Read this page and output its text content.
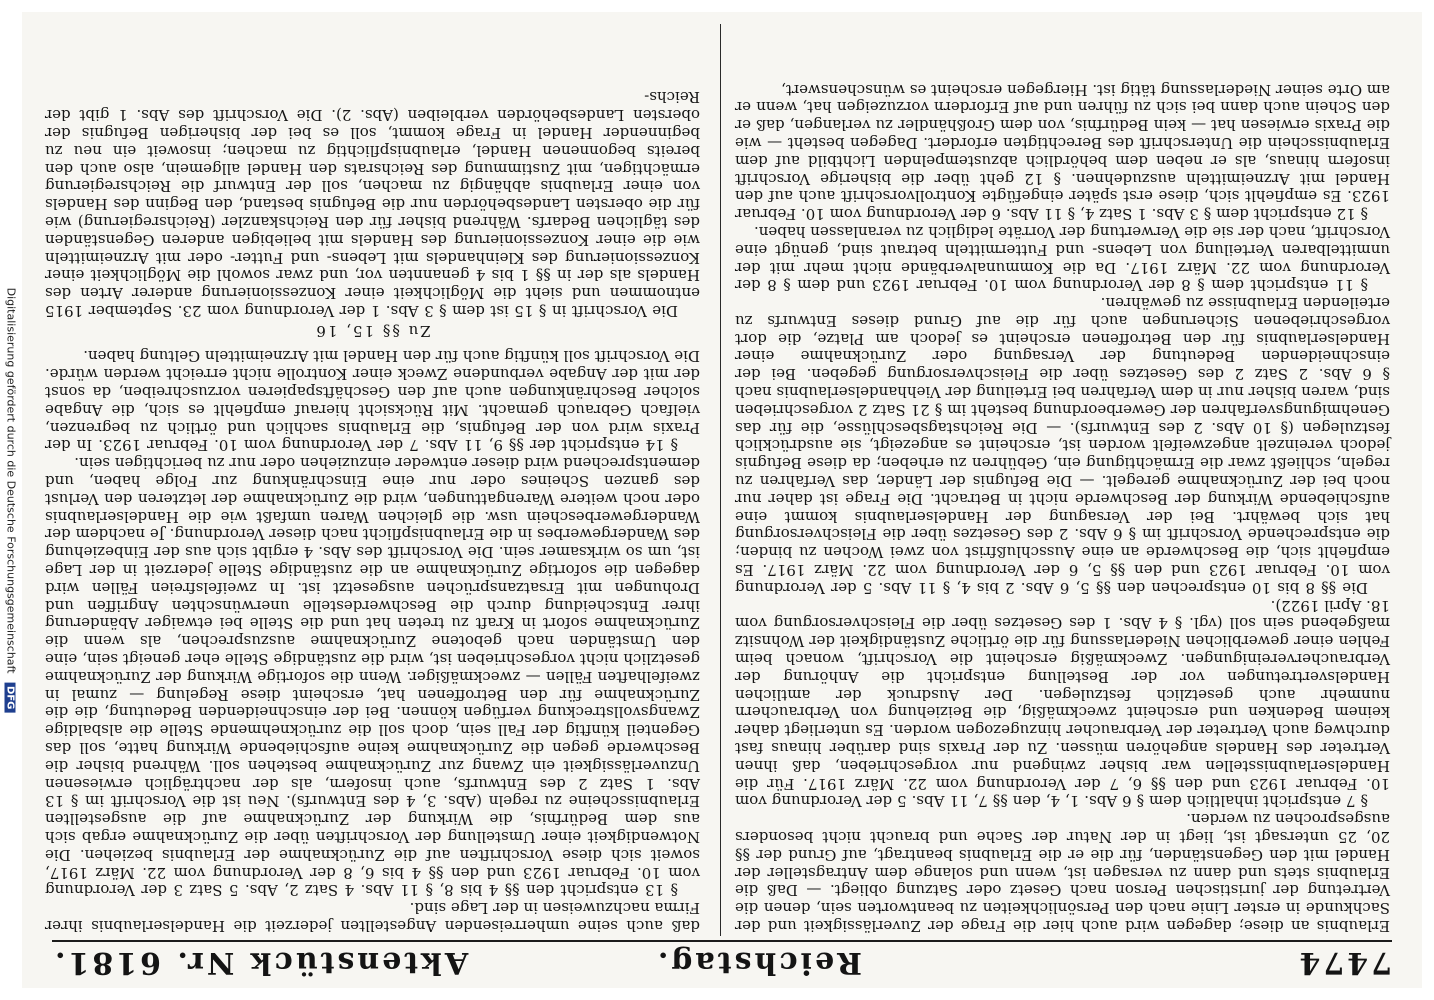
7474
Reichstag.
Aktenstück Nr. 6181.

Erlaubnis an diese; dagegen wird auch hier die Frage der Zuverlässigkeit und der Sachkunde in erster Linie nach den Persönlichkeiten zu beantworten sein, denen die Vertretung der juristischen Person nach Gesetz oder Satzung obliegt. — Daß die Erlaubnis stets und dann zu versagen ist, wenn und solange dem Antragsteller der Handel mit den Gegenständen, für die er die Erlaubnis beantragt, auf Grund der §§ 20, 25 untersagt ist, liegt in der Natur der Sache und braucht nicht besonders ausgesprochen zu werden.

§ 7 entspricht inhaltlich dem § 6 Abs. 1, 4, den §§ 7, 11 Abs. 5 der Verordnung vom 10. Februar 1923 und den §§ 6, 7 der Verordnung vom 22. März 1917. Für die Handelserlaubnisstellen war bisher zwingend nur vorgeschrieben, daß ihnen Vertreter des Handels angehören müssen. Zu der Praxis sind darüber hinaus fast durchweg auch Vertreter der Verbraucher hinzugezogen worden. Es unterliegt daher keinem Bedenken und erscheint zweckmäßig, die Beiziehung von Verbrauchern nunmehr auch gesetzlich festzulegen. Der Ausdruck der amtlichen Handelsvertretungen vor der Bestellung entspricht die Anhörung der Verbrauchervereinigungen. Zweckmäßig erscheint die Vorschrift, wonach beim Fehlen einer gewerblichen Niederlassung für die örtliche Zuständigkeit der Wohnsitz maßgebend sein soll (vgl. § 4 Abs. 1 des Gesetzes über die Fleischversorgung vom 18. April 1922).

Die §§ 8 bis 10 entsprechen den §§ 5, 6 Abs. 2 bis 4, § 11 Abs. 5 der Verordnung vom 10. Februar 1923 und den §§ 5, 6 der Verordnung vom 22. März 1917. Es empfiehlt sich, die Beschwerde an eine Ausschlußfrist von zwei Wochen zu binden; die entsprechende Vorschrift im § 6 Abs. 2 des Gesetzes über die Fleischversorgung hat sich bewährt. Bei der Versagung der Handelserlaubnis kommt eine aufschiebende Wirkung der Beschwerde nicht in Betracht. Die Frage ist daher nur noch bei der Zurücknahme geregelt. — Die Befugnis der Länder, das Verfahren zu regeln, schließt zwar die Ermächtigung ein, Gebühren zu erheben; da diese Befugnis jedoch vereinzelt angezweifelt worden ist, erscheint es angezeigt, sie ausdrücklich festzulegen (§ 10 Abs. 2 des Entwurfs). — Die Reichstagsbeschlüsse, die für das Genehmigungsverfahren der Gewerbeordnung besteht im § 21 Satz 2 vorgeschrieben sind, waren bisher nur in dem Verfahren bei Erteilung der Viehhandelserlaubnis nach § 6 Abs. 2 Satz 2 des Gesetzes über die Fleischversorgung gegeben. Bei der einschneidenden Bedeutung der Versagung oder Zurücknahme einer Handelserlaubnis für den Betroffenen erscheint es jedoch am Platze, die dort vorgeschriebenen Sicherungen auch für die auf Grund dieses Entwurfs zu erteilenden Erlaubnisse zu gewähren.

§ 11 entspricht dem § 8 der Verordnung vom 10. Februar 1923 und dem § 8 der Verordnung vom 22. März 1917. Da die Kommunalverbände nicht mehr mit der unmittelbaren Verteilung von Lebens- und Futtermitteln betraut sind, genügt eine Vorschrift, nach der sie die Verwertung der Vorräte lediglich zu veranlassen haben.

§ 12 entspricht dem § 3 Abs. 1 Satz 4, § 11 Abs. 6 der Verordnung vom 10. Februar 1923. Es empfiehlt sich, diese erst später eingefügte Kontrollvorschrift auch auf den Handel mit Arzneimitteln auszudehnen. § 12 geht über die bisherige Vorschrift insofern hinaus, als er neben dem behördlich abzustempelnden Lichtbild auf dem Erlaubnisschein die Unterschrift des Berechtigten erfordert. Dagegen besteht — wie die Praxis erwiesen hat — kein Bedürfnis, von dem Großhändler zu verlangen, daß er den Schein auch dann bei sich zu führen und auf Erfordern vorzuzeigen hat, wenn er am Orte seiner Niederlassung tätig ist. Hiergegen erscheint es wünschenswert,

daß auch seine umherreisenden Angestellten jederzeit die Handelserlaubnis ihrer Firma nachzuweisen in der Lage sind.

§ 13 entspricht den §§ 4 bis 8, § 11 Abs. 4 Satz 2, Abs. 5 Satz 3 der Verordnung vom 10. Februar 1923 und den §§ 4 bis 6, 8 der Verordnung vom 22. März 1917, soweit sich diese Vorschriften auf die Zurücknahme der Erlaubnis beziehen. Die Notwendigkeit einer Umstellung der Vorschriften über die Zurücknahme ergab sich aus dem Bedürfnis, die Wirkung der Zurücknahme auf die ausgestellten Erlaubnisscheine zu regeln (Abs. 3, 4 des Entwurfs). Neu ist die Vorschrift im § 13 Abs. 1 Satz 2 des Entwurfs, auch insofern, als der nachträglich erwiesenen Unzuverlässigkeit ein Zwang zur Zurücknahme bestehen soll. Während bisher die Beschwerde gegen die Zurücknahme keine aufschiebende Wirkung hatte, soll das Gegenteil künftig der Fall sein, doch soll die zurücknehmende Stelle die alsbaldige Zwangsvollstreckung verfügen können. Bei der einschneidenden Bedeutung, die die Zurücknahme für den Betroffenen hat, erscheint diese Regelung — zumal in zweifelhaften Fällen — zweckmäßiger. Wenn die sofortige Wirkung der Zurücknahme gesetzlich nicht vorgeschrieben ist, wird die zuständige Stelle eher geneigt sein, eine den Umständen nach gebotene Zurücknahme auszusprechen, als wenn die Zurücknahme sofort in Kraft zu treten hat und die Stelle bei etwaiger Abänderung ihrer Entscheidung durch die Beschwerdestelle unerwünschten Angriffen und Drohungen mit Ersatzansprüchen ausgesetzt ist. In zweifelsfreien Fällen wird dagegen die sofortige Zurücknahme an die zuständige Stelle jederzeit in der Lage ist, um so wirksamer sein. Die Vorschrift des Abs. 4 ergibt sich aus der Einbeziehung des Wandergewerbes in die Erlaubnispflicht nach dieser Verordnung. Je nachdem der Wandergewerbeschein usw. die gleichen Waren umfaßt wie die Handelserlaubnis oder noch weitere Warengattungen, wird die Zurücknahme der letzteren den Verlust des ganzen Scheines oder nur eine Einschränkung zur Folge haben, und dementsprechend wird dieser entweder einzuziehen oder nur zu berichtigen sein.

§ 14 entspricht der §§ 9, 11 Abs. 7 der Verordnung vom 10. Februar 1923. In der Praxis wird von der Befugnis, die Erlaubnis sachlich und örtlich zu begrenzen, vielfach Gebrauch gemacht. Mit Rücksicht hierauf empfiehlt es sich, die Angabe solcher Beschränkungen auch auf den Geschäftspapieren vorzuschreiben, da sonst der mit der Angabe verbundene Zweck einer Kontrolle nicht erreicht werden würde. Die Vorschrift soll künftig auch für den Handel mit Arzneimitteln Geltung haben.

Zu §§ 15, 16

Die Vorschrift in § 15 ist dem § 3 Abs. 1 der Verordnung vom 23. September 1915 entnommen und sieht die Möglichkeit einer Konzessionierung anderer Arten des Handels als der in §§ 1 bis 4 genannten vor, und zwar sowohl die Möglichkeit einer Konzessionierung des Kleinhandels mit Lebens- und Futter- oder mit Arzneimitteln wie die einer Konzessionierung des Handels mit beliebigen anderen Gegenständen des täglichen Bedarfs. Während bisher für den Reichskanzler (Reichsregierung) wie für die obersten Landesbehörden nur die Befugnis bestand, den Beginn des Handels von einer Erlaubnis abhängig zu machen, soll der Entwurf die Reichsregierung ermächtigen, mit Zustimmung des Reichsrats den Handel allgemein, also auch den bereits begonnenen Handel, erlaubnispflichtig zu machen; insoweit ein neu zu beginnender Handel in Frage kommt, soll es bei der bisherigen Befugnis der obersten Landesbehörden verbleiben (Abs. 2). Die Vorschrift des Abs. 1 gibt der Reichs-

Digitalisierung gefördert durch die Deutsche Forschungsgemeinschaft DFG
